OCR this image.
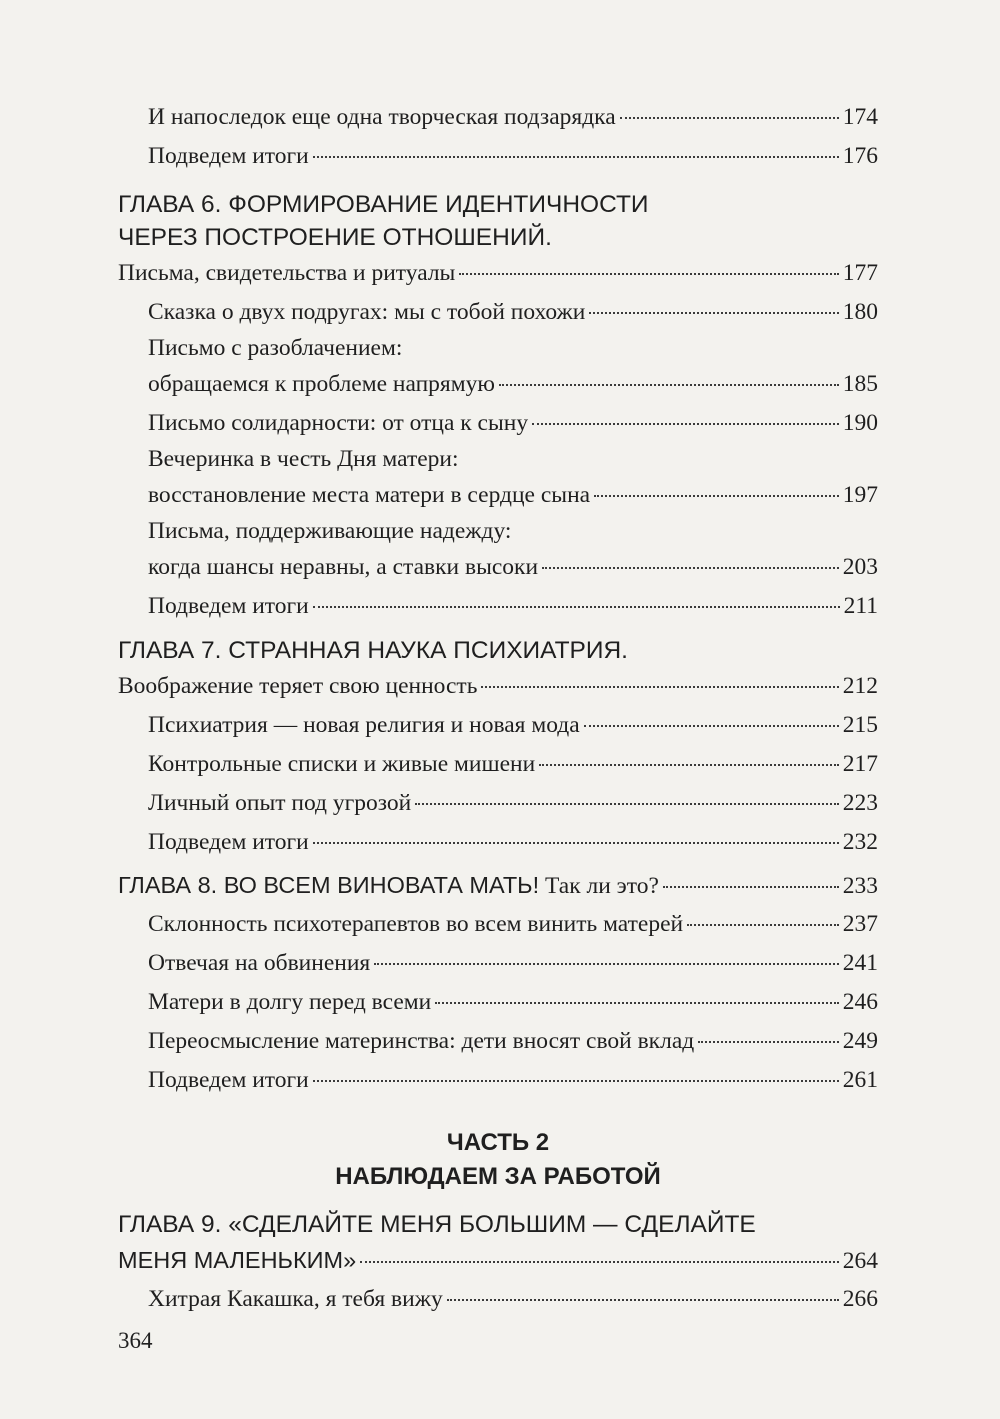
И напоследок еще одна творческая подзарядка	174
Подведем итоги	176
ГЛАВА 6. ФОРМИРОВАНИЕ ИДЕНТИЧНОСТИ
ЧЕРЕЗ ПОСТРОЕНИЕ ОТНОШЕНИЙ.
Письма, свидетельства и ритуалы	177
Сказка о двух подругах: мы с тобой похожи	180
Письмо с разоблачением:
обращаемся к проблеме напрямую	185
Письмо солидарности: от отца к сыну	190
Вечеринка в честь Дня матери:
восстановление места матери в сердце сына	197
Письма, поддерживающие надежду:
когда шансы неравны, а ставки высоки	203
Подведем итоги	211
ГЛАВА 7. СТРАННАЯ НАУКА ПСИХИАТРИЯ.
Воображение теряет свою ценность	212
Психиатрия — новая религия и новая мода	215
Контрольные списки и живые мишени	217
Личный опыт под угрозой	223
Подведем итоги	232
ГЛАВА 8. ВО ВСЕМ ВИНОВАТА МАТЬ! Так ли это?	233
Склонность психотерапевтов во всем винить матерей	237
Отвечая на обвинения	241
Матери в долгу перед всеми	246
Переосмысление материнства: дети вносят свой вклад	249
Подведем итоги	261
ЧАСТЬ 2
НАБЛЮДАЕМ ЗА РАБОТОЙ
ГЛАВА 9. «СДЕЛАЙТЕ МЕНЯ БОЛЬШИМ — СДЕЛАЙТЕ
МЕНЯ МАЛЕНЬКИМ»	264
Хитрая Какашка, я тебя вижу	266
364
